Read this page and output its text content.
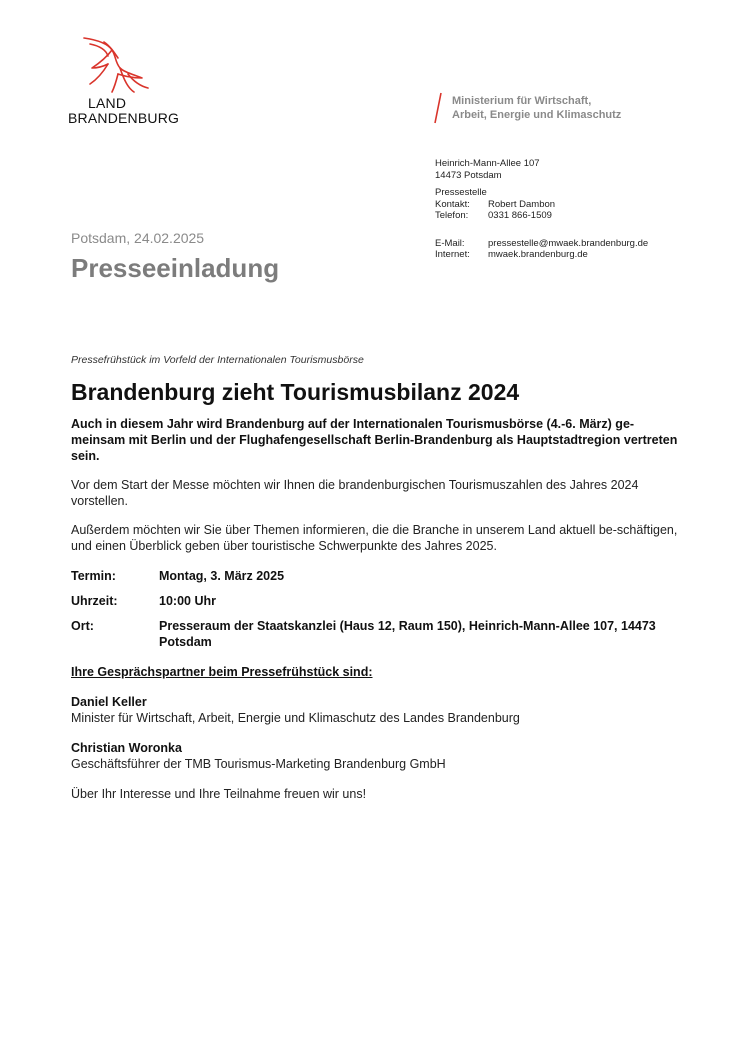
LAND
BRANDENBURG
Ministerium für Wirtschaft,
Arbeit, Energie und Klimaschutz
Heinrich-Mann-Allee 107
14473 Potsdam
Pressestelle
Kontakt:	Robert Dambon
Telefon:	0331 866-1509
E-Mail:	pressestelle@mwaek.brandenburg.de
Internet:	mwaek.brandenburg.de
Potsdam, 24.02.2025
Presseeinladung
Pressefrühstück im Vorfeld der Internationalen Tourismusbörse
Brandenburg zieht Tourismusbilanz 2024

Auch in diesem Jahr wird Brandenburg auf der Internationalen Tourismusbörse (4.-6. März) ge-meinsam mit Berlin und der Flughafengesellschaft Berlin-Brandenburg als Hauptstadtregion vertreten sein.

Vor dem Start der Messe möchten wir Ihnen die brandenburgischen Tourismuszahlen des Jahres 2024 vorstellen.

Außerdem möchten wir Sie über Themen informieren, die die Branche in unserem Land aktuell be-schäftigen, und einen Überblick geben über touristische Schwerpunkte des Jahres 2025.

Termin:	Montag, 3. März 2025
Uhrzeit:	10:00 Uhr
Ort:	Presseraum der Staatskanzlei (Haus 12, Raum 150), Heinrich-Mann-Allee 107, 14473 Potsdam
Ihre Gesprächspartner beim Pressefrühstück sind:
Daniel Keller
Minister für Wirtschaft, Arbeit, Energie und Klimaschutz des Landes Brandenburg
Christian Woronka
Geschäftsführer der TMB Tourismus-Marketing Brandenburg GmbH

Über Ihr Interesse und Ihre Teilnahme freuen wir uns!
